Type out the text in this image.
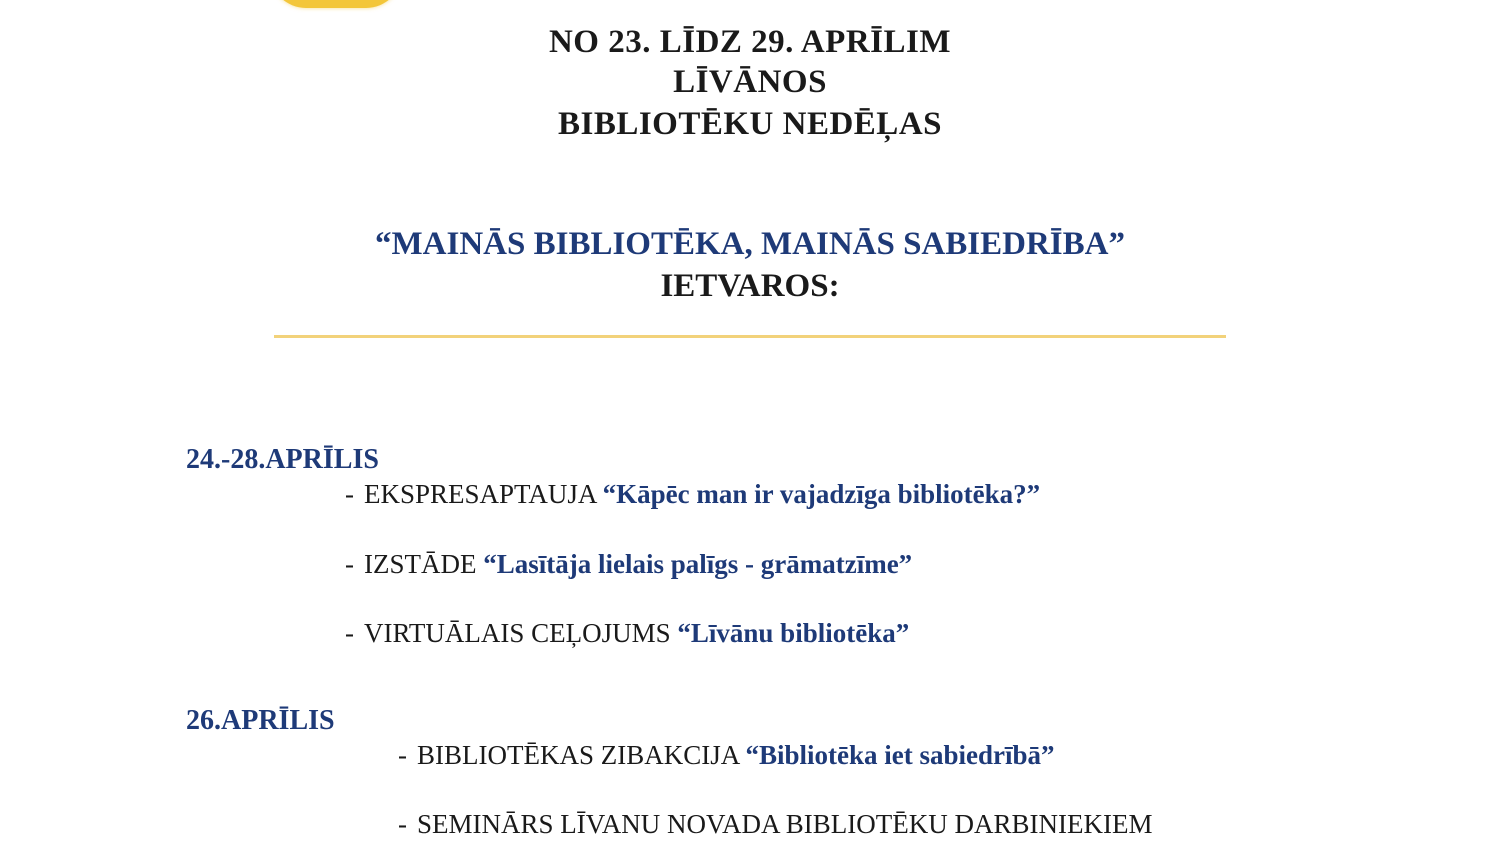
NO 23. LĪDZ 29. APRĪLIM
LĪVĀNOS
BIBLIOTĒKU NEDĒĻAS
“MAINĀS BIBLIOTĒKA, MAINĀS SABIEDRĪBA”
IETVAROS:
24.-28.APRĪLIS
- EKSPRESAPTAUJA “Kāpēc man ir vajadzīga bibliotēka?”
- IZSTĀDE “Lasītāja lielais palīgs - grāmatzīme”
- VIRTUĀLAIS CEĻOJUMS “Līvānu bibliotēka”
26.APRĪLIS
- BIBLIOTĒKAS ZIBAKCIJA “Bibliotēka iet sabiedrībā”
- SEMINĀRS LĪVANU NOVADA BIBLIOTĒKU DARBINIEKIEM
